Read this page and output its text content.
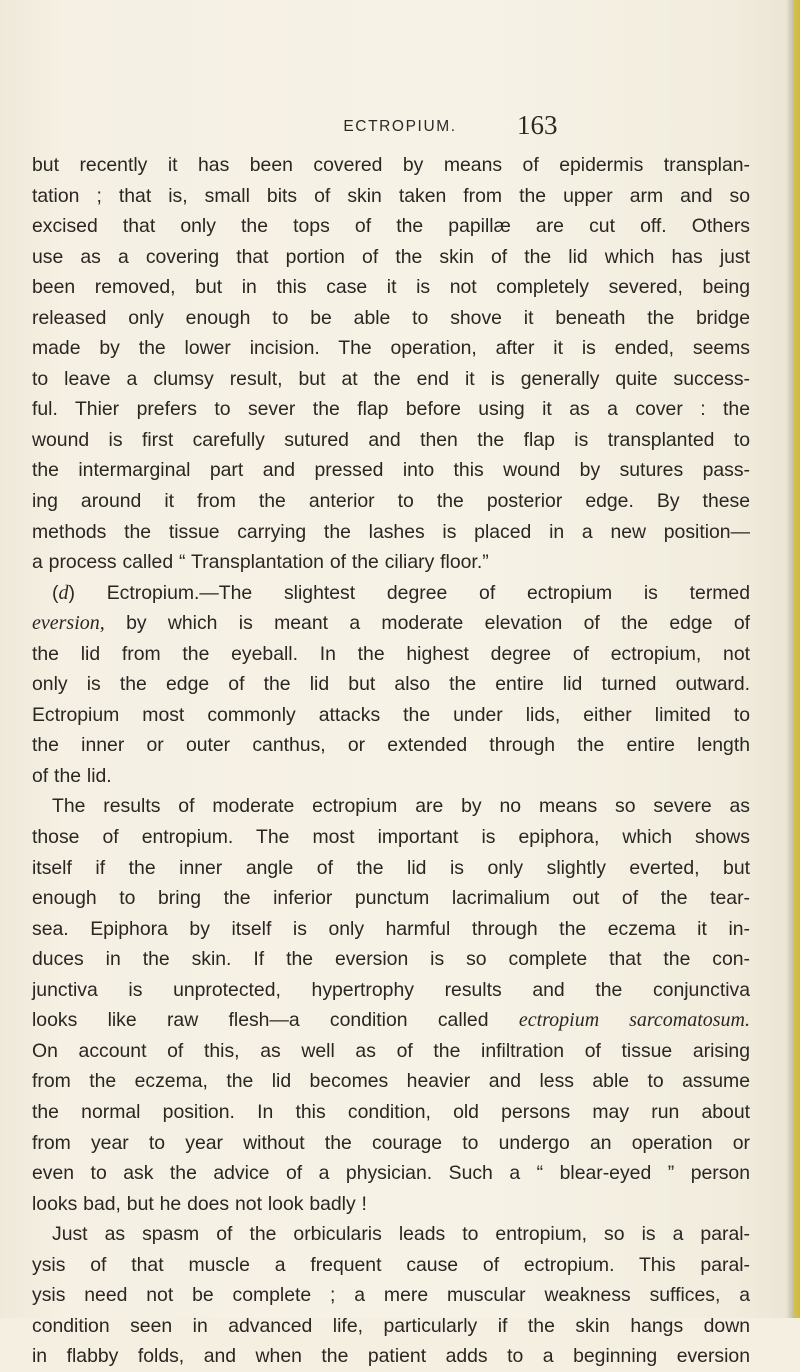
ECTROPIUM.	163
but recently it has been covered by means of epidermis transplan-
tation ; that is, small bits of skin taken from the upper arm and so
excised that only the tops of the papillæ are cut off. Others
use as a covering that portion of the skin of the lid which has just
been removed, but in this case it is not completely severed, being
released only enough to be able to shove it beneath the bridge
made by the lower incision. The operation, after it is ended, seems
to leave a clumsy result, but at the end it is generally quite success-
ful. Thier prefers to sever the flap before using it as a cover : the
wound is first carefully sutured and then the flap is transplanted to
the intermarginal part and pressed into this wound by sutures pass-
ing around it from the anterior to the posterior edge. By these
methods the tissue carrying the lashes is placed in a new position—
a process called “ Transplantation of the ciliary floor.”
(d) Ectropium.—The slightest degree of ectropium is termed
eversion, by which is meant a moderate elevation of the edge of
the lid from the eyeball. In the highest degree of ectropium, not
only is the edge of the lid but also the entire lid turned outward.
Ectropium most commonly attacks the under lids, either limited to
the inner or outer canthus, or extended through the entire length
of the lid.
The results of moderate ectropium are by no means so severe as
those of entropium. The most important is epiphora, which shows
itself if the inner angle of the lid is only slightly everted, but
enough to bring the inferior punctum lacrimalium out of the tear-
sea. Epiphora by itself is only harmful through the eczema it in-
duces in the skin. If the eversion is so complete that the con-
junctiva is unprotected, hypertrophy results and the conjunctiva
looks like raw flesh—a condition called ectropium sarcomatosum.
On account of this, as well as of the infiltration of tissue arising
from the eczema, the lid becomes heavier and less able to assume
the normal position. In this condition, old persons may run about
from year to year without the courage to undergo an operation or
even to ask the advice of a physician. Such a “ blear-eyed ” person
looks bad, but he does not look badly !
Just as spasm of the orbicularis leads to entropium, so is a paral-
ysis of that muscle a frequent cause of ectropium. This paral-
ysis need not be complete ; a mere muscular weakness suffices, a
condition seen in advanced life, particularly if the skin hangs down
in flabby folds, and when the patient adds to a beginning eversion
